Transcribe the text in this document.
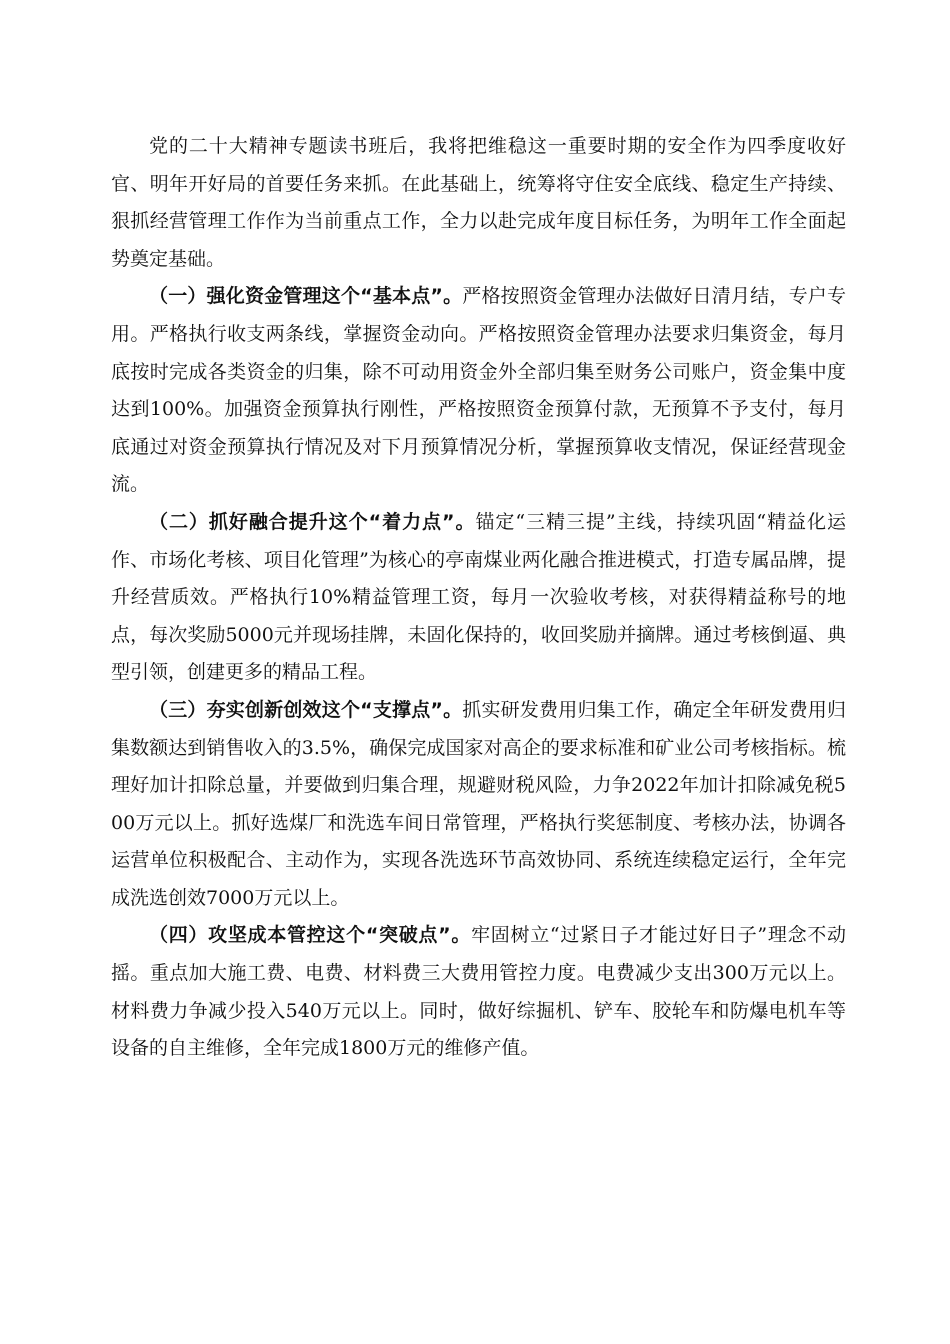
党的二十大精神专题读书班后，我将把维稳这一重要时期的安全作为四季度收好官、明年开好局的首要任务来抓。在此基础上，统筹将守住安全底线、稳定生产持续、狠抓经营管理工作作为当前重点工作，全力以赴完成年度目标任务，为明年工作全面起势奠定基础。

（一）强化资金管理这个“基本点”。严格按照资金管理办法做好日清月结，专户专用。严格执行收支两条线，掌握资金动向。严格按照资金管理办法要求归集资金，每月底按时完成各类资金的归集，除不可动用资金外全部归集至财务公司账户，资金集中度达到100%。加强资金预算执行刚性，严格按照资金预算付款，无预算不予支付，每月底通过对资金预算执行情况及对下月预算情况分析，掌握预算收支情况，保证经营现金流。

（二）抓好融合提升这个“着力点”。锚定“三精三提”主线，持续巩固“精益化运作、市场化考核、项目化管理”为核心的亭南煤业两化融合推进模式，打造专属品牌，提升经营质效。严格执行10%精益管理工资，每月一次验收考核，对获得精益称号的地点，每次奖励5000元并现场挂牌，未固化保持的，收回奖励并摘牌。通过考核倒逼、典型引领，创建更多的精品工程。

（三）夯实创新创效这个“支撑点”。抓实研发费用归集工作，确定全年研发费用归集数额达到销售收入的3.5%，确保完成国家对高企的要求标准和矿业公司考核指标。梳理好加计扣除总量，并要做到归集合理，规避财税风险，力争2022年加计扣除减免税500万元以上。抓好选煤厂和洗选车间日常管理，严格执行奖惩制度、考核办法，协调各运营单位积极配合、主动作为，实现各洗选环节高效协同、系统连续稳定运行，全年完成洗选创效7000万元以上。

（四）攻坚成本管控这个“突破点”。牢固树立“过紧日子才能过好日子”理念不动摇。重点加大施工费、电费、材料费三大费用管控力度。电费减少支出300万元以上。材料费力争减少投入540万元以上。同时，做好综掘机、铲车、胶轮车和防爆电机车等设备的自主维修，全年完成1800万元的维修产值。
